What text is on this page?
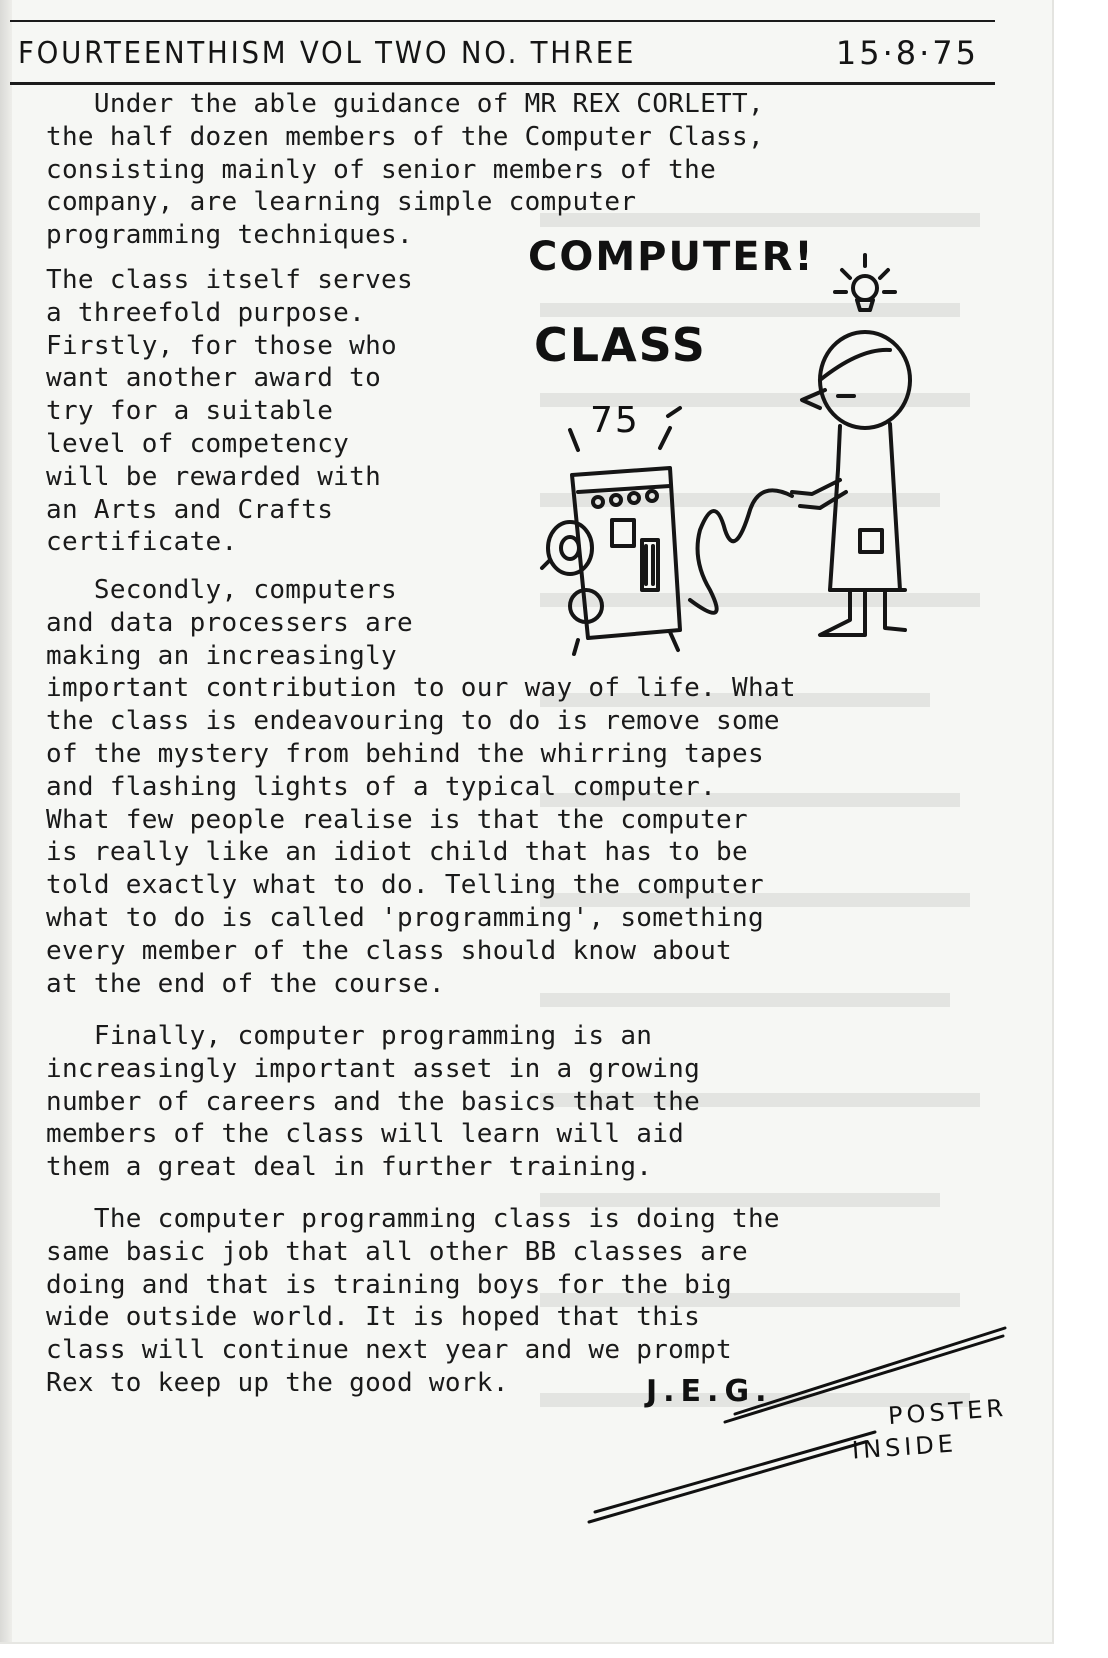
FOURTEENTHISM VOL TWO NO. THREE	15·8·75

Under the able guidance of MR REX CORLETT,
the half dozen members of the Computer Class,
consisting mainly of senior members of the
company, are learning simple computer
programming techniques.

The class itself serves
a threefold purpose.
Firstly, for those who
want another award to
try for a suitable
level of competency
will be rewarded with
an Arts and Crafts
certificate.

Secondly, computers
and data processers are
making an increasingly
important contribution to our way of life. What
the class is endeavouring to do is remove some
of the mystery from behind the whirring tapes
and flashing lights of a typical computer.
What few people realise is that the computer
is really like an idiot child that has to be
told exactly what to do. Telling the computer
what to do is called 'programming', something
every member of the class should know about
at the end of the course.

Finally, computer programming is an
increasingly important asset in a growing
number of careers and the basics that the
members of the class will learn will aid
them a great deal in further training.

The computer programming class is doing the
same basic job that all other BB classes are
doing and that is training boys for the big
wide outside world. It is hoped that this
class will continue next year and we prompt
Rex to keep up the good work.

COMPUTER!
CLASS
75
J.E.G.
POSTER
INSIDE
